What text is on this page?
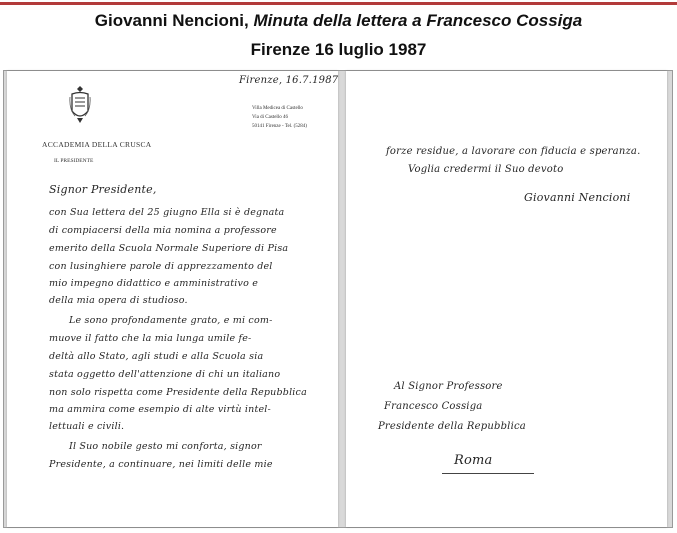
Giovanni Nencioni, Minuta della lettera a Francesco Cossiga
Firenze 16 luglio 1987
ACCADEMIA DELLA CRUSCA
IL PRESIDENTE
Villa Medicea di Castello
Via di Castello 46
50141 Firenze - Tel. (5284)
Firenze, 16.7.1987
Signor Presidente,
con Sua lettera del 25 giugno Ella si è degnata
di compiacersi della mia nomina a professore
emerito della Scuola Normale Superiore di Pisa
con lusinghiere parole di apprezzamento del
mio impegno didattico e amministrativo e
della mia opera di studioso.
Le sono profondamente grato, e mi com-
muove il fatto che la mia lunga umile fe-
deltà allo Stato, agli studi e alla Scuola sia
stata oggetto dell'attenzione di chi un italiano
non solo rispetta come Presidente della Repubblica
ma ammira come esempio di alte virtù intel-
lettuali e civili.
Il Suo nobile gesto mi conforta, signor
Presidente, a continuare, nei limiti delle mie
forze residue, a lavorare con fiducia e speranza.
Voglia credermi il Suo devoto
Giovanni Nencioni
Al Signor Professore
Francesco Cossiga
Presidente della Repubblica
Roma
